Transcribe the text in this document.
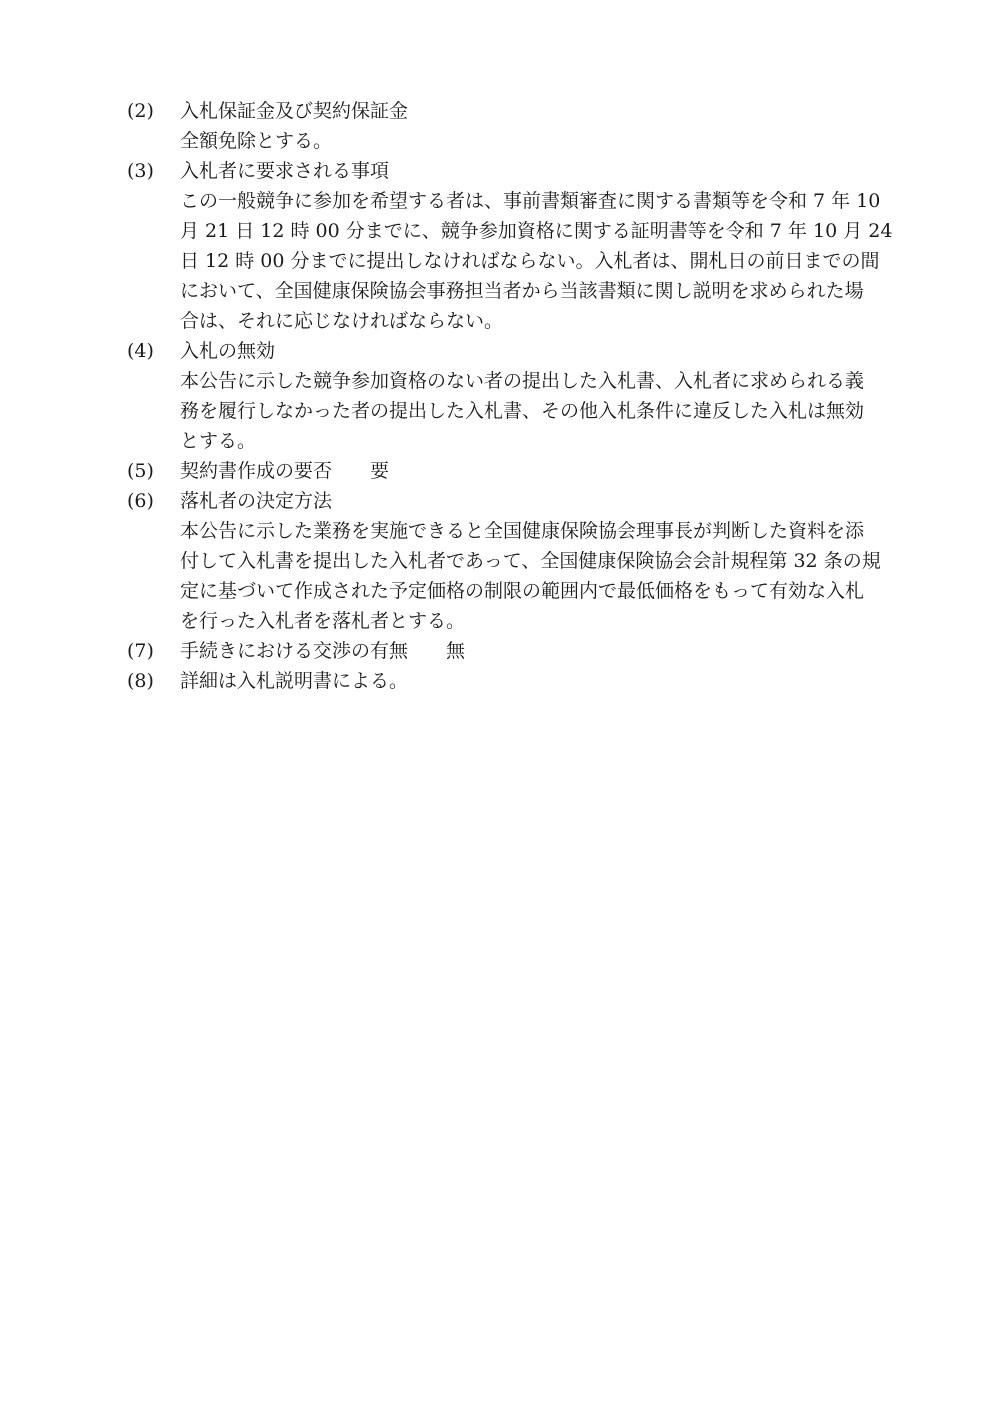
(2)	入札保証金及び契約保証金
全額免除とする。
(3)	入札者に要求される事項
この一般競争に参加を希望する者は、事前書類審査に関する書類等を令和 7 年 10
月 21 日 12 時 00 分までに、競争参加資格に関する証明書等を令和 7 年 10 月 24
日 12 時 00 分までに提出しなければならない。入札者は、開札日の前日までの間
において、全国健康保険協会事務担当者から当該書類に関し説明を求められた場
合は、それに応じなければならない。
(4)	入札の無効
本公告に示した競争参加資格のない者の提出した入札書、入札者に求められる義
務を履行しなかった者の提出した入札書、その他入札条件に違反した入札は無効
とする。
(5)	契約書作成の要否 要
(6)	落札者の決定方法
本公告に示した業務を実施できると全国健康保険協会理事長が判断した資料を添
付して入札書を提出した入札者であって、全国健康保険協会会計規程第 32 条の規
定に基づいて作成された予定価格の制限の範囲内で最低価格をもって有効な入札
を行った入札者を落札者とする。
(7)	手続きにおける交渉の有無 無
(8)	詳細は入札説明書による。
